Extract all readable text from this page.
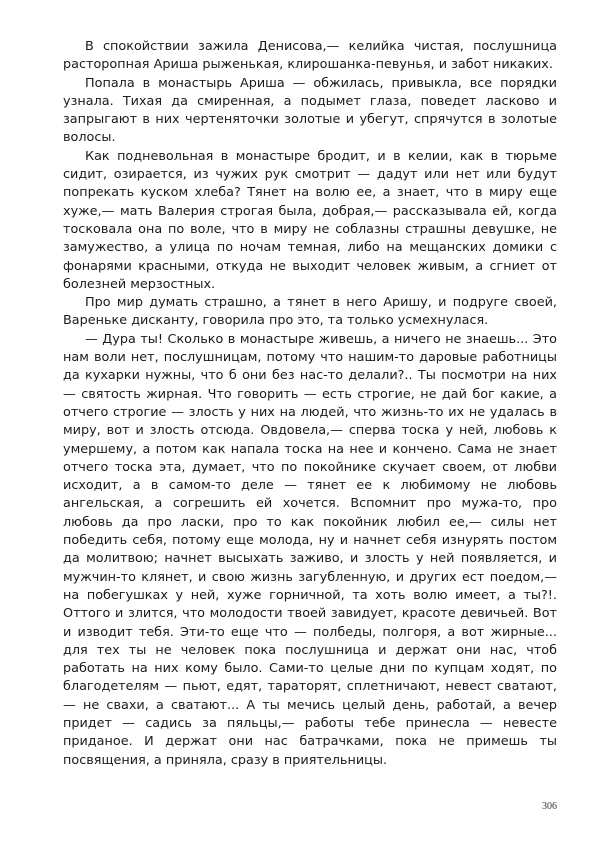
В спокойствии зажила Денисова,— келийка чистая, послушница расторопная Ариша рыженькая, клирошанка-певунья, и забот никаких.

Попала в монастырь Ариша — обжилась, привыкла, все порядки узнала. Тихая да смиренная, а подымет глаза, поведет ласково и запрыгают в них чертеняточки золотые и убегут, спрячутся в золотые волосы.

Как подневольная в монастыре бродит, и в келии, как в тюрьме сидит, озирается, из чужих рук смотрит — дадут или нет или будут попрекать куском хлеба? Тянет на волю ее, а знает, что в миру еще хуже,— мать Валерия строгая была, добрая,— рассказывала ей, когда тосковала она по воле, что в миру не соблазны страшны девушке, не замужество, а улица по ночам темная, либо на мещанских домики с фонарями красными, откуда не выходит человек живым, а сгниет от болезней мерзостных.

Про мир думать страшно, а тянет в него Аришу, и подруге своей, Вареньке дисканту, говорила про это, та только усмехнулася.

— Дура ты! Сколько в монастыре живешь, а ничего не знаешь... Это нам воли нет, послушницам, потому что нашим-то даровые работницы да кухарки нужны, что б они без нас-то делали?.. Ты посмотри на них — святость жирная. Что говорить — есть строгие, не дай бог какие, а отчего строгие — злость у них на людей, что жизнь-то их не удалась в миру, вот и злость отсюда. Овдовела,— сперва тоска у ней, любовь к умершему, а потом как напала тоска на нее и кончено. Сама не знает отчего тоска эта, думает, что по покойнике скучает своем, от любви исходит, а в самом-то деле — тянет ее к любимому не любовь ангельская, а согрешить ей хочется. Вспомнит про мужа-то, про любовь да про ласки, про то как покойник любил ее,— силы нет победить себя, потому еще молода, ну и начнет себя изнурять постом да молитвою; начнет высыхать заживо, и злость у ней появляется, и мужчин-то клянет, и свою жизнь загубленную, и других ест поедом,— на побегушках у ней, хуже горничной, та хоть волю имеет, а ты?!. Оттого и злится, что молодости твоей завидует, красоте девичьей. Вот и изводит тебя. Эти-то еще что — полбеды, полгоря, а вот жирные... для тех ты не человек пока послушница и держат они нас, чтоб работать на них кому было. Сами-то целые дни по купцам ходят, по благодетелям — пьют, едят, тараторят, сплетничают, невест сватают,— не свахи, а сватают... А ты мечись целый день, работай, а вечер придет — садись за пяльцы,— работы тебе принесла — невесте приданое. И держат они нас батрачками, пока не примешь ты посвящения, а приняла, сразу в приятельницы.

306
